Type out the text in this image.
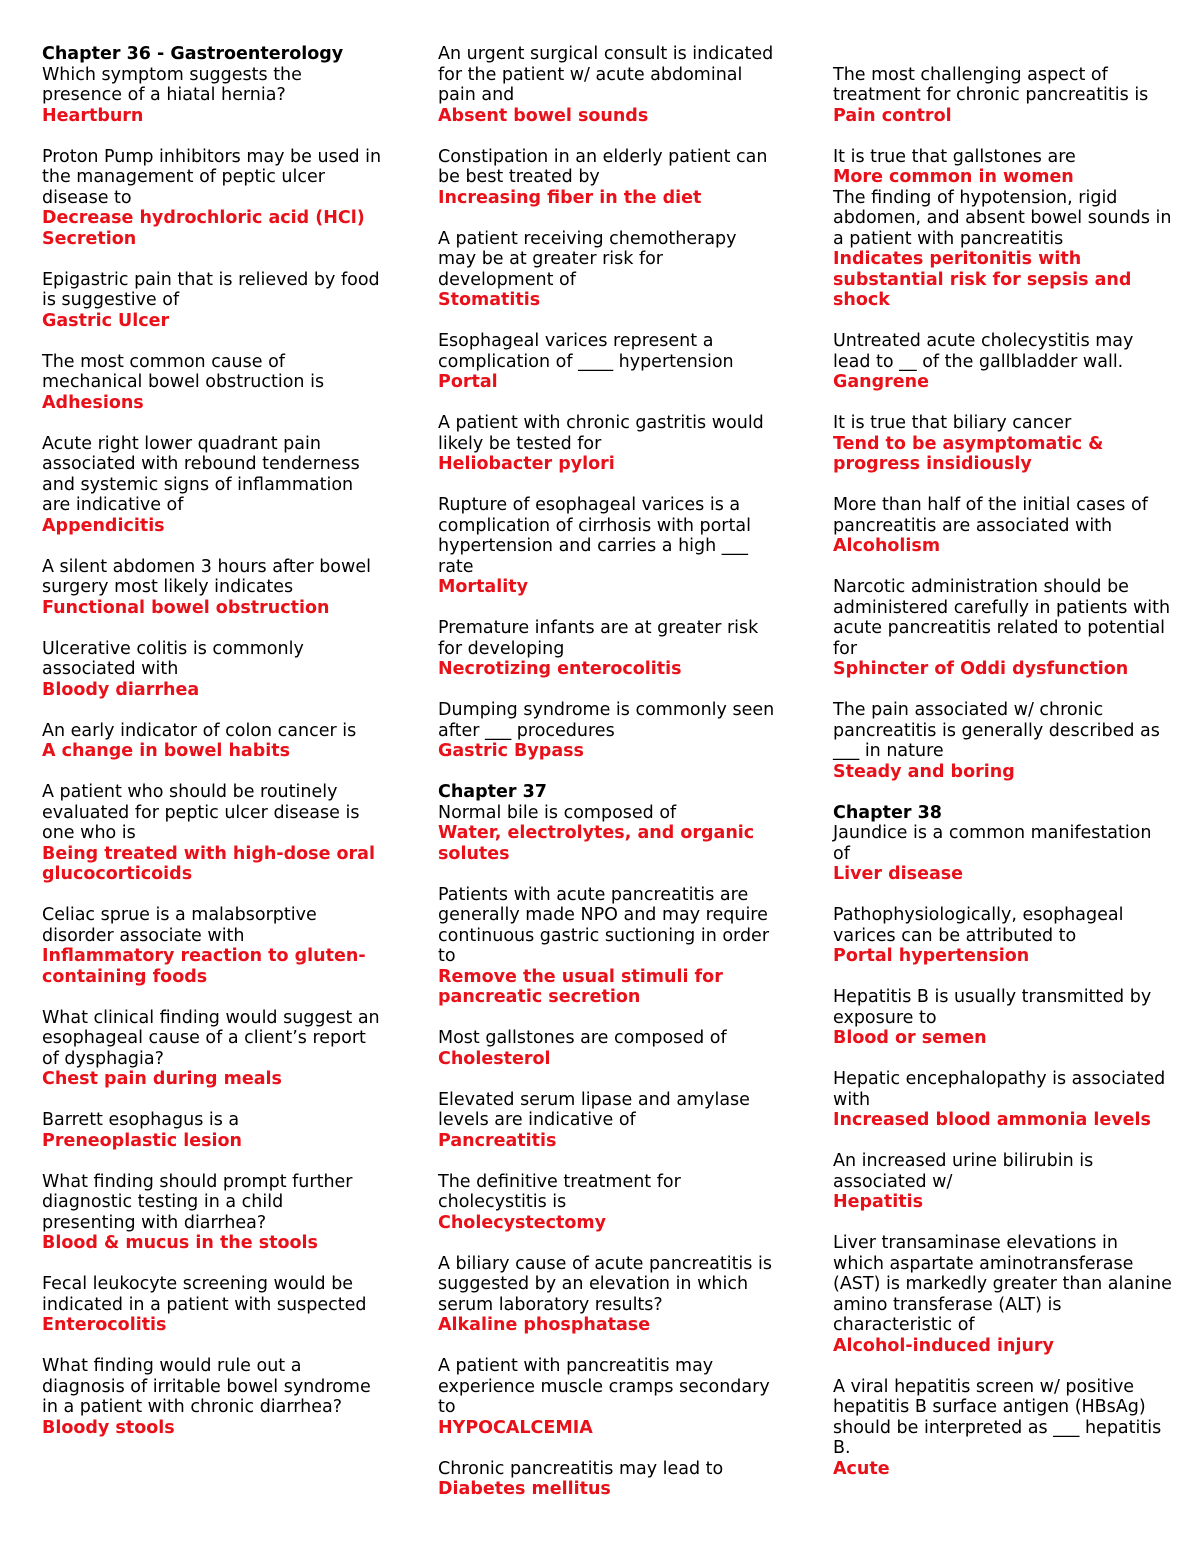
Chapter 36 - Gastroenterology
Which symptom suggests the presence of a hiatal hernia?
Heartburn
Proton Pump inhibitors may be used in the management of peptic ulcer disease to
Decrease hydrochloric acid (HCl) Secretion
Epigastric pain that is relieved by food is suggestive of
Gastric Ulcer
The most common cause of mechanical bowel obstruction is
Adhesions
Acute right lower quadrant pain associated with rebound tenderness and systemic signs of inflammation are indicative of
Appendicitis
A silent abdomen 3 hours after bowel surgery most likely indicates
Functional bowel obstruction
Ulcerative colitis is commonly associated with
Bloody diarrhea
An early indicator of colon cancer is
A change in bowel habits
A patient who should be routinely evaluated for peptic ulcer disease is one who is
Being treated with high-dose oral glucocorticoids
Celiac sprue is a malabsorptive disorder associate with
Inflammatory reaction to gluten-containing foods
What clinical finding would suggest an esophageal cause of a client’s report of dysphagia?
Chest pain during meals
Barrett esophagus is a
Preneoplastic lesion
What finding should prompt further diagnostic testing in a child presenting with diarrhea?
Blood & mucus in the stools
Fecal leukocyte screening would be indicated in a patient with suspected
Enterocolitis
What finding would rule out a diagnosis of irritable bowel syndrome in a patient with chronic diarrhea?
Bloody stools
An urgent surgical consult is indicated for the patient w/ acute abdominal pain and
Absent bowel sounds
Constipation in an elderly patient can be best treated by
Increasing fiber in the diet
A patient receiving chemotherapy may be at greater risk for development of
Stomatitis
Esophageal varices represent a complication of ____ hypertension
Portal
A patient with chronic gastritis would likely be tested for
Heliobacter pylori
Rupture of esophageal varices is a complication of cirrhosis with portal hypertension and carries a high ___ rate
Mortality
Premature infants are at greater risk for developing
Necrotizing enterocolitis
Dumping syndrome is commonly seen after ___ procedures
Gastric Bypass
Chapter 37
Normal bile is composed of
Water, electrolytes, and organic solutes
Patients with acute pancreatitis are generally made NPO and may require continuous gastric suctioning in order to
Remove the usual stimuli for pancreatic secretion
Most gallstones are composed of
Cholesterol
Elevated serum lipase and amylase levels are indicative of
Pancreatitis
The definitive treatment for cholecystitis is
Cholecystectomy
A biliary cause of acute pancreatitis is suggested by an elevation in which serum laboratory results?
Alkaline phosphatase
A patient with pancreatitis may experience muscle cramps secondary to
HYPOCALCEMIA
Chronic pancreatitis may lead to
Diabetes mellitus
The most challenging aspect of treatment for chronic pancreatitis is
Pain control
It is true that gallstones are
More common in women
The finding of hypotension, rigid abdomen, and absent bowel sounds in a patient with pancreatitis
Indicates peritonitis with substantial risk for sepsis and shock
Untreated acute cholecystitis may lead to __ of the gallbladder wall.
Gangrene
It is true that biliary cancer
Tend to be asymptomatic & progress insidiously
More than half of the initial cases of pancreatitis are associated with
Alcoholism
Narcotic administration should be administered carefully in patients with acute pancreatitis related to potential for
Sphincter of Oddi dysfunction
The pain associated w/ chronic pancreatitis is generally described as ___ in nature
Steady and boring
Chapter 38
Jaundice is a common manifestation of
Liver disease
Pathophysiologically, esophageal varices can be attributed to
Portal hypertension
Hepatitis B is usually transmitted by exposure to
Blood or semen
Hepatic encephalopathy is associated with
Increased blood ammonia levels
An increased urine bilirubin is associated w/
Hepatitis
Liver transaminase elevations in which aspartate aminotransferase (AST) is markedly greater than alanine amino transferase (ALT) is characteristic of
Alcohol-induced injury
A viral hepatitis screen w/ positive hepatitis B surface antigen (HBsAg) should be interpreted as ___ hepatitis B.
Acute
